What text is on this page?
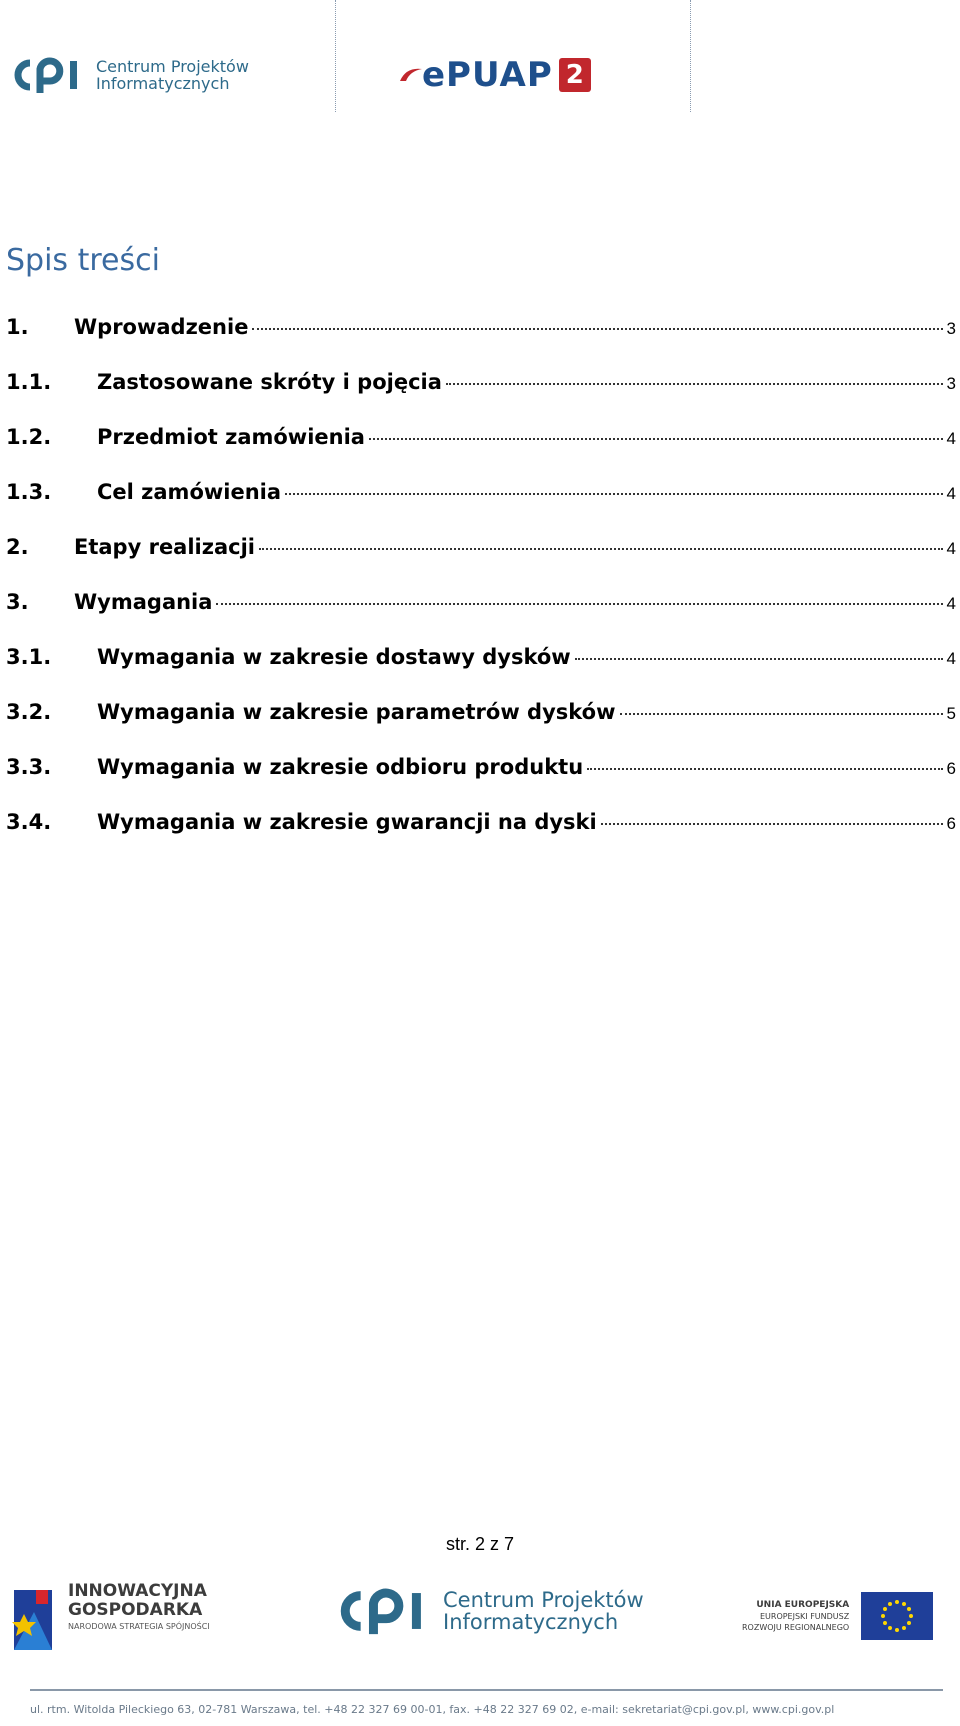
Centrum Projektów
Informatycznych	ePUAP 2
Spis treści
1.	Wprowadzenie	3
1.1.	Zastosowane skróty i pojęcia	3
1.2.	Przedmiot zamówienia	4
1.3.	Cel zamówienia	4
2.	Etapy realizacji	4
3.	Wymagania	4
3.1.	Wymagania w zakresie dostawy dysków	4
3.2.	Wymagania w zakresie parametrów dysków	5
3.3.	Wymagania w zakresie odbioru produktu	6
3.4.	Wymagania w zakresie gwarancji na dyski	6
str. 2 z 7
INNOWACYJNA
GOSPODARKA
NARODOWA STRATEGIA SPÓJNOŚCI
Centrum Projektów
Informatycznych
UNIA EUROPEJSKA
EUROPEJSKI FUNDUSZ
ROZWOJU REGIONALNEGO
ul. rtm. Witolda Pileckiego 63, 02-781 Warszawa, tel. +48 22 327 69 00-01, fax. +48 22 327 69 02, e-mail: sekretariat@cpi.gov.pl, www.cpi.gov.pl
